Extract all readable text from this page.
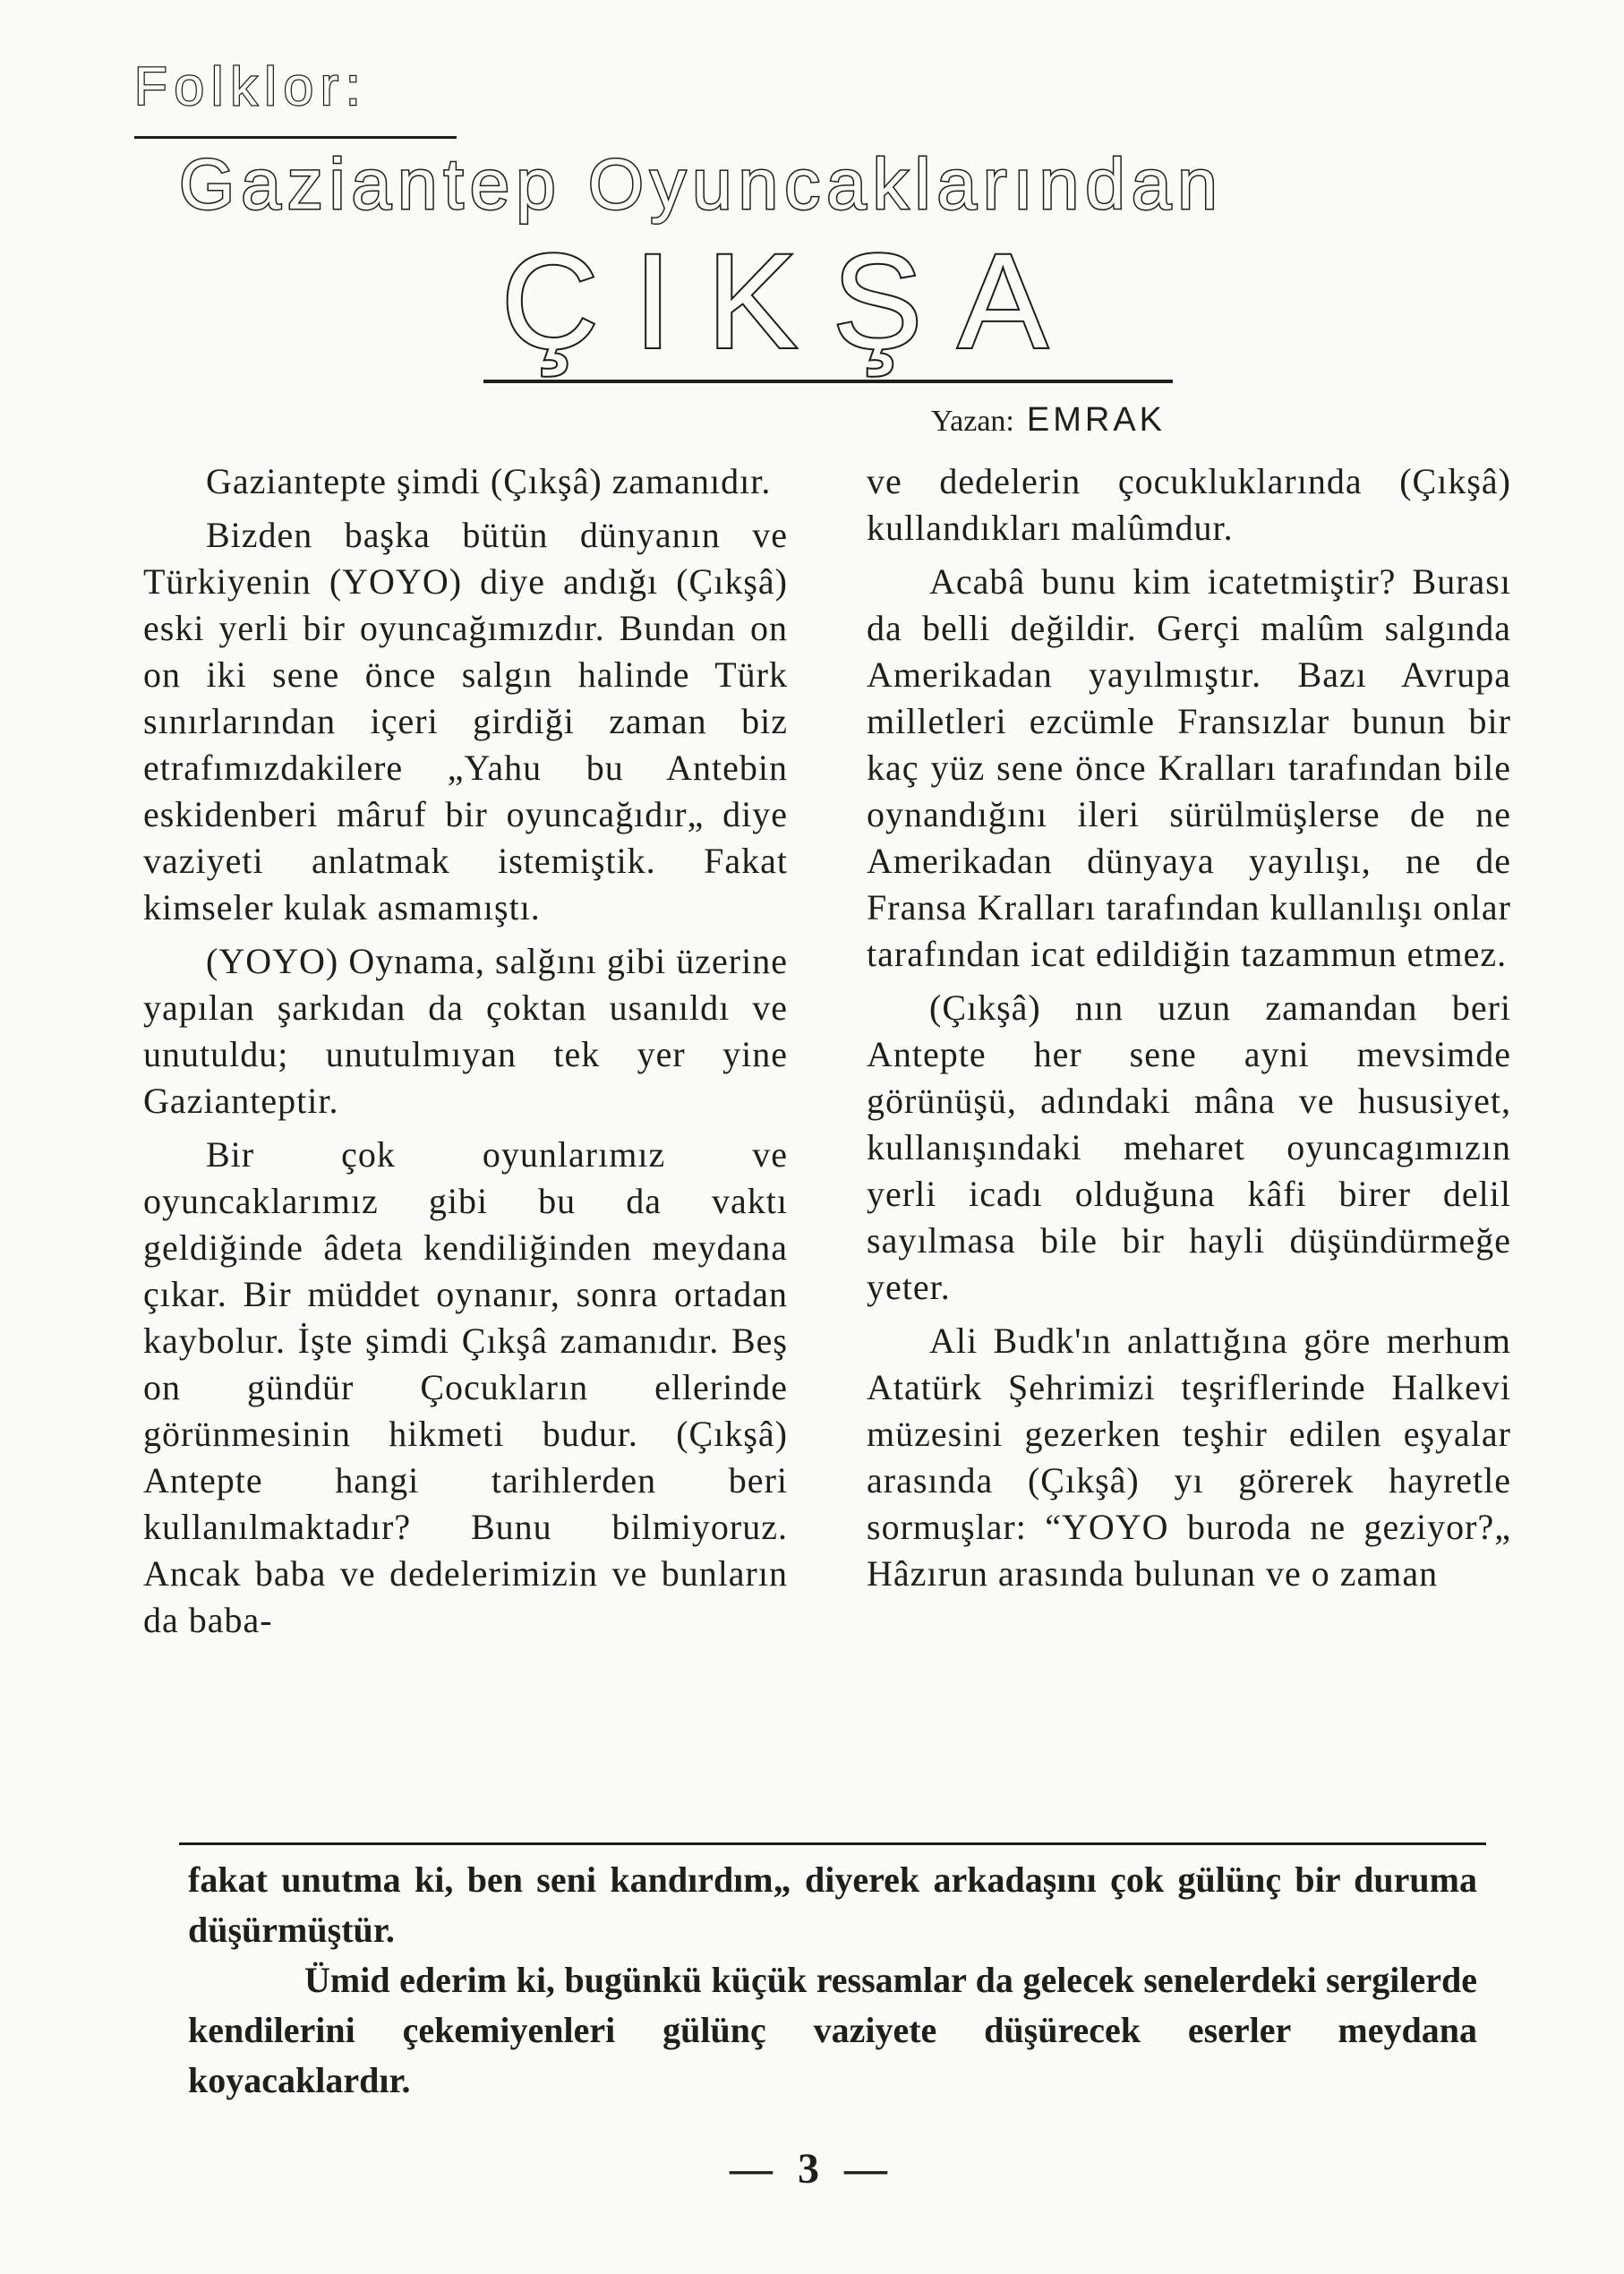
Folklor:
Gaziantep Oyuncaklarından
ÇIKŞA
Yazan: EMRAK

Gaziantepte şimdi (Çıkşâ) zamanıdır.

Bizden başka bütün dünyanın ve Türkiyenin (YOYO) diye andığı (Çıkşâ) eski yerli bir oyuncağımızdır. Bundan on on iki sene önce salgın halinde Türk sınırlarından içeri girdiği zaman biz etrafımızdakilere „Yahu bu Antebin eskidenberi mâruf bir oyuncağıdır„ diye vaziyeti anlatmak istemiştik. Fakat kimseler kulak asmamıştı.

(YOYO) Oynama, salğını gibi üzerine yapılan şarkıdan da çoktan usanıldı ve unutuldu; unutulmıyan tek yer yine Gazianteptir.

Bir çok oyunlarımız ve oyuncaklarımız gibi bu da vaktı geldiğinde âdeta kendiliğinden meydana çıkar. Bir müddet oynanır, sonra ortadan kaybolur. İşte şimdi Çıkşâ zamanıdır. Beş on gündür Çocukların ellerinde görünmesinin hikmeti budur. (Çıkşâ) Antepte hangi tarihlerden beri kullanılmaktadır? Bunu bilmiyoruz. Ancak baba ve dedelerimizin ve bunların da baba-

ve dedelerin çocukluklarında (Çıkşâ) kullandıkları malûmdur.

Acabâ bunu kim icatetmiştir? Burası da belli değildir. Gerçi malûm salgında Amerikadan yayılmıştır. Bazı Avrupa milletleri ezcümle Fransızlar bunun bir kaç yüz sene önce Kralları tarafından bile oynandığını ileri sürülmüşlerse de ne Amerikadan dünyaya yayılışı, ne de Fransa Kralları tarafından kullanılışı onlar tarafından icat edildiğin tazammun etmez.

(Çıkşâ) nın uzun zamandan beri Antepte her sene ayni mevsimde görünüşü, adındaki mâna ve hususiyet, kullanışındaki meharet oyuncagımızın yerli icadı olduğuna kâfi birer delil sayılmasa bile bir hayli düşündürmeğe yeter.

Ali Budk'ın anlattığına göre merhum Atatürk Şehrimizi teşriflerinde Halkevi müzesini gezerken teşhir edilen eşyalar arasında (Çıkşâ) yı görerek hayretle sormuşlar: “YOYO buroda ne geziyor?„ Hâzırun arasında bulunan ve o zaman

fakat unutma ki, ben seni kandırdım„ diyerek arkadaşını çok gülünç bir duruma düşürmüştür.

Ümid ederim ki, bugünkü küçük ressamlar da gelecek senelerdeki sergilerde kendilerini çekemiyenleri gülünç vaziyete düşürecek eserler meydana koyacaklardır.

— 3 —
